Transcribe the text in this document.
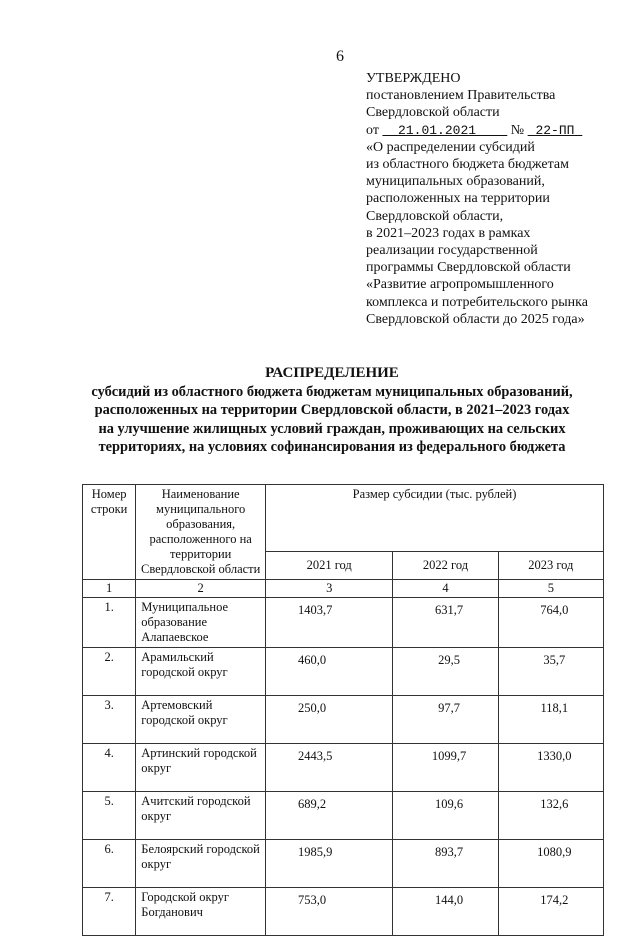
6
УТВЕРЖДЕНО
постановлением Правительства
Свердловской области
от 21.01.2021 № 22-ПП
«О распределении субсидий
из областного бюджета бюджетам
муниципальных образований,
расположенных на территории
Свердловской области,
в 2021–2023 годах в рамках
реализации государственной
программы Свердловской области
«Развитие агропромышленного
комплекса и потребительского рынка
Свердловской области до 2025 года»
РАСПРЕДЕЛЕНИЕ
субсидий из областного бюджета бюджетам муниципальных образований,
расположенных на территории Свердловской области, в 2021–2023 годах
на улучшение жилищных условий граждан, проживающих на сельских
территориях, на условиях софинансирования из федерального бюджета
Номер строки	Наименование муниципального образования, расположенного на территории Свердловской области	Размер субсидии (тыс. рублей)		
		2021 год	2022 год	2023 год
1	2	3	4	5
1.	Муниципальное образование Алапаевское	1403,7	631,7	764,0
2.	Арамильский городской округ	460,0	29,5	35,7
3.	Артемовский городской округ	250,0	97,7	118,1
4.	Артинский городской округ	2443,5	1099,7	1330,0
5.	Ачитский городской округ	689,2	109,6	132,6
6.	Белоярский городской округ	1985,9	893,7	1080,9
7.	Городской округ Богданович	753,0	144,0	174,2
